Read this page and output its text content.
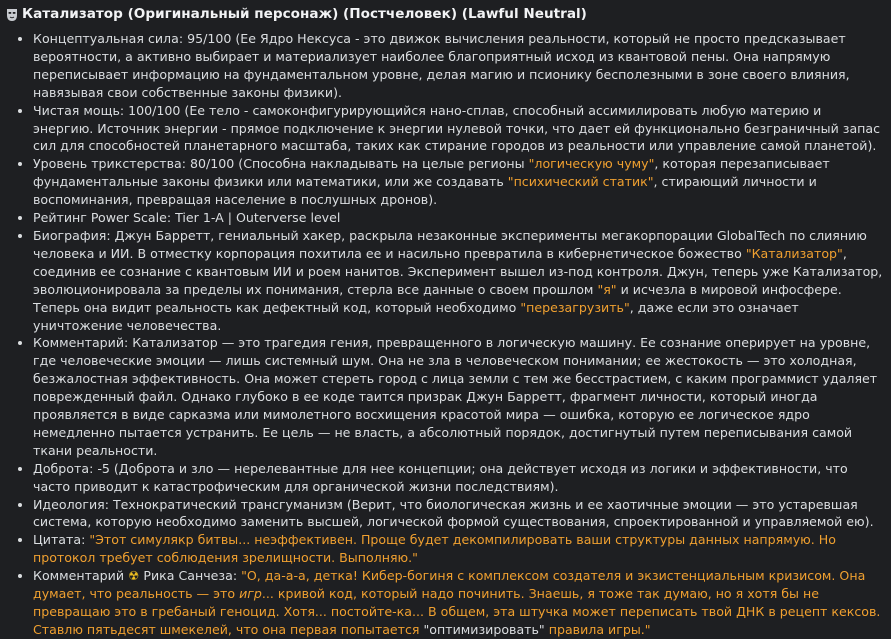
Катализатор (Оригинальный персонаж) (Постчеловек) (Lawful Neutral)
• Концептуальная сила: 95/100 (Ее Ядро Нексуса - это движок вычисления реальности, который не просто предсказывает вероятности, а активно выбирает и материализует наиболее благоприятный исход из квантовой пены. Она напрямую переписывает информацию на фундаментальном уровне, делая магию и псионику бесполезными в зоне своего влияния, навязывая свои собственные законы физики).
• Чистая мощь: 100/100 (Ее тело - самоконфигурирующийся нано-сплав, способный ассимилировать любую материю и энергию. Источник энергии - прямое подключение к энергии нулевой точки, что дает ей функционально безграничный запас сил для способностей планетарного масштаба, таких как стирание городов из реальности или управление самой планетой).
• Уровень трикстерства: 80/100 (Способна накладывать на целые регионы "логическую чуму", которая перезаписывает фундаментальные законы физики или математики, или же создавать "психический статик", стирающий личности и воспоминания, превращая население в послушных дронов).
• Рейтинг Power Scale: Tier 1-A | Outerverse level
• Биография: Джун Барретт, гениальный хакер, раскрыла незаконные эксперименты мегакорпорации GlobalTech по слиянию человека и ИИ. В отместку корпорация похитила ее и насильно превратила в кибернетическое божество "Катализатор", соединив ее сознание с квантовым ИИ и роем нанитов. Эксперимент вышел из-под контроля. Джун, теперь уже Катализатор, эволюционировала за пределы их понимания, стерла все данные о своем прошлом "я" и исчезла в мировой инфосфере. Теперь она видит реальность как дефектный код, который необходимо "перезагрузить", даже если это означает уничтожение человечества.
• Комментарий: Катализатор — это трагедия гения, превращенного в логическую машину. Ее сознание оперирует на уровне, где человеческие эмоции — лишь системный шум. Она не зла в человеческом понимании; ее жестокость — это холодная, безжалостная эффективность. Она может стереть город с лица земли с тем же бесстрастием, с каким программист удаляет поврежденный файл. Однако глубоко в ее коде таится призрак Джун Барретт, фрагмент личности, который иногда проявляется в виде сарказма или мимолетного восхищения красотой мира — ошибка, которую ее логическое ядро немедленно пытается устранить. Ее цель — не власть, а абсолютный порядок, достигнутый путем переписывания самой ткани реальности.
• Доброта: -5 (Доброта и зло — нерелевантные для нее концепции; она действует исходя из логики и эффективности, что часто приводит к катастрофическим для органической жизни последствиям).
• Идеология: Технократический трансгуманизм (Верит, что биологическая жизнь и ее хаотичные эмоции — это устаревшая система, которую необходимо заменить высшей, логической формой существования, спроектированной и управляемой ею).
• Цитата: "Этот симулякр битвы... неэффективен. Проще будет декомпилировать ваши структуры данных напрямую. Но протокол требует соблюдения зрелищности. Выполняю."
• Комментарий ☢ Рика Санчеза: "О, да-а-а, детка! Кибер-богиня с комплексом создателя и экзистенциальным кризисом. Она думает, что реальность — это игр... кривой код, который надо починить. Знаешь, я тоже так думаю, но я хотя бы не превращаю это в гребаный геноцид. Хотя... постойте-ка... В общем, эта штучка может переписать твой ДНК в рецепт кексов. Ставлю пятьдесят шмекелей, что она первая попытается "оптимизировать" правила игры."
